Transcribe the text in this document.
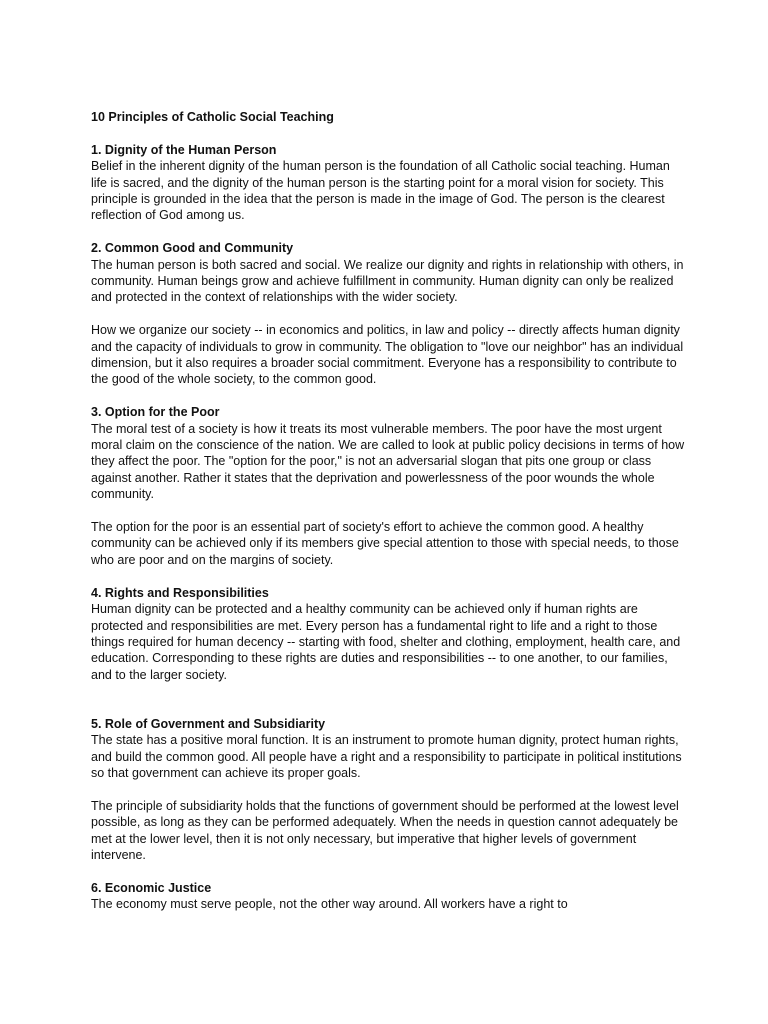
10 Principles of Catholic Social Teaching
1. Dignity of the Human Person

Belief in the inherent dignity of the human person is the foundation of all Catholic social teaching. Human life is sacred, and the dignity of the human person is the starting point for a moral vision for society. This principle is grounded in the idea that the person is made in the image of God. The person is the clearest reflection of God among us.

2. Common Good and Community

The human person is both sacred and social. We realize our dignity and rights in relationship with others, in community. Human beings grow and achieve fulfillment in community. Human dignity can only be realized and protected in the context of relationships with the wider society.

How we organize our society -- in economics and politics, in law and policy -- directly affects human dignity and the capacity of individuals to grow in community. The obligation to "love our neighbor" has an individual dimension, but it also requires a broader social commitment. Everyone has a responsibility to contribute to the good of the whole society, to the common good.

3. Option for the Poor

The moral test of a society is how it treats its most vulnerable members. The poor have the most urgent moral claim on the conscience of the nation. We are called to look at public policy decisions in terms of how they affect the poor. The "option for the poor," is not an adversarial slogan that pits one group or class against another. Rather it states that the deprivation and powerlessness of the poor wounds the whole community.

The option for the poor is an essential part of society's effort to achieve the common good. A healthy community can be achieved only if its members give special attention to those with special needs, to those who are poor and on the margins of society.

4. Rights and Responsibilities

Human dignity can be protected and a healthy community can be achieved only if human rights are protected and responsibilities are met. Every person has a fundamental right to life and a right to those things required for human decency -- starting with food, shelter and clothing, employment, health care, and education. Corresponding to these rights are duties and responsibilities -- to one another, to our families, and to the larger society.

5. Role of Government and Subsidiarity

The state has a positive moral function. It is an instrument to promote human dignity, protect human rights, and build the common good. All people have a right and a responsibility to participate in political institutions so that government can achieve its proper goals.

The principle of subsidiarity holds that the functions of government should be performed at the lowest level possible, as long as they can be performed adequately. When the needs in question cannot adequately be met at the lower level, then it is not only necessary, but imperative that higher levels of government intervene.

6. Economic Justice

The economy must serve people, not the other way around. All workers have a right to
